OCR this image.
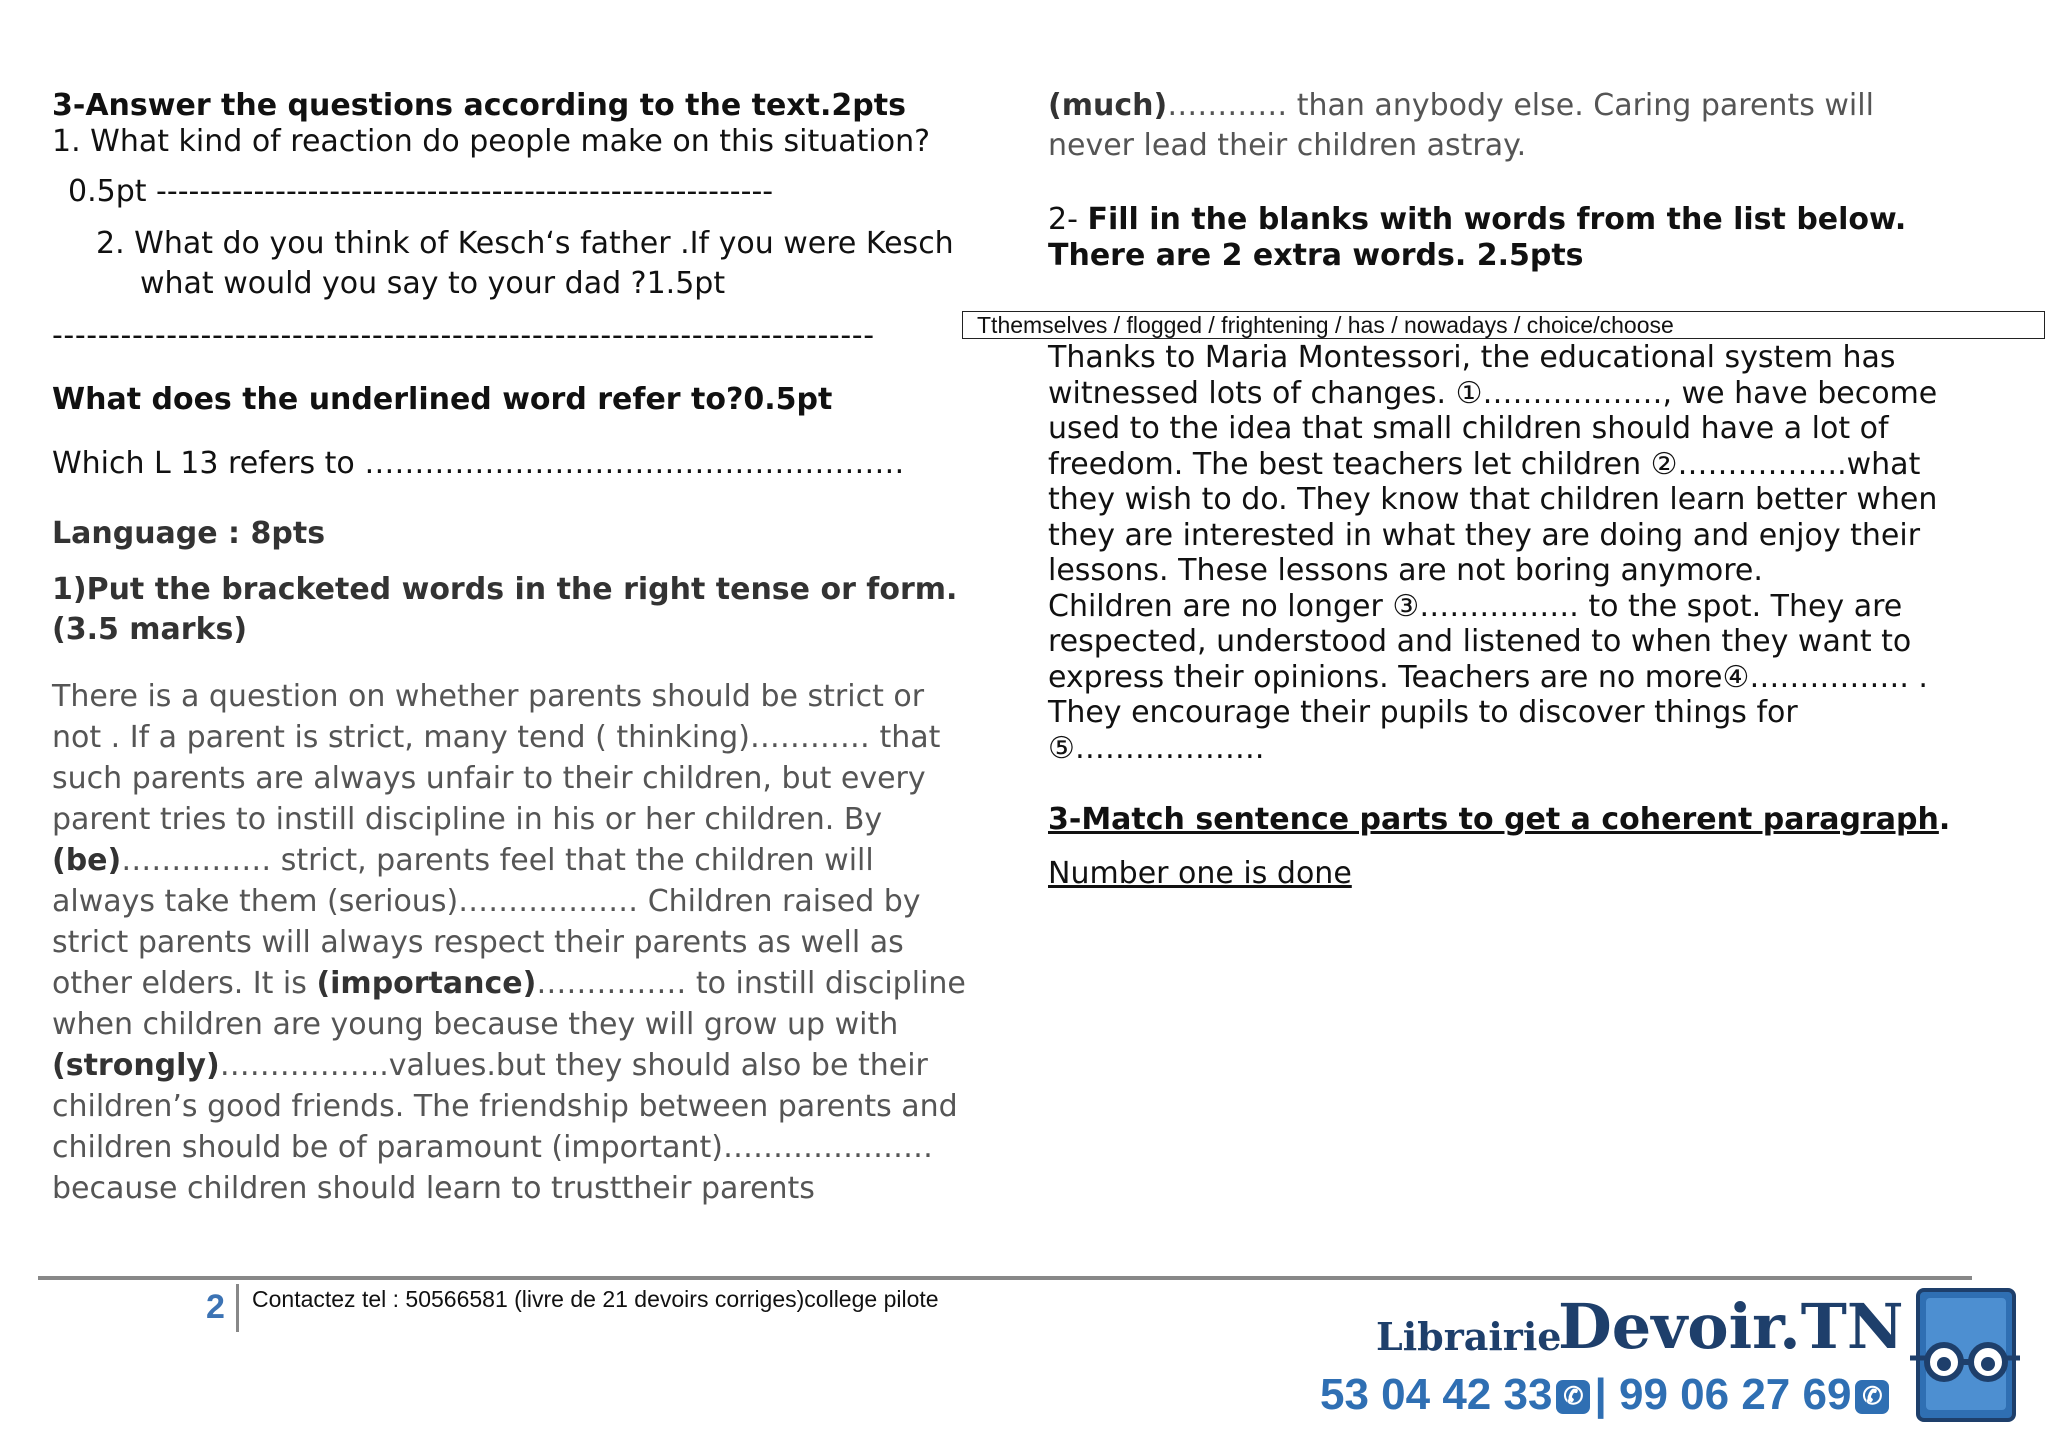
3-Answer the questions according to the text.2pts

1. What kind of reaction do people make on this situation?

0.5pt ---------------------------------------------------------

2. What do you think of Kesch‘s father .If you were Kesch

what would you say to your dad ?1.5pt

------------------------------------------------------------------------

What does the underlined word refer to?0.5pt

Which L 13 refers to ………………………………………………

Language : 8pts

1)Put the bracketed words in the right tense or form.

(3.5 marks)

There is a question on whether parents should be strict or

not . If a parent is strict, many tend ( thinking)………… that

such parents are always unfair to their children, but every

parent tries to instill discipline in his or her children. By

(be)…………… strict, parents feel that the children will

always take them (serious)……………… Children raised by

strict parents will always respect their parents as well as

other elders. It is (importance)…………… to instill discipline

when children are young because they will grow up with

(strongly)……………..values.but they should also be their

children’s good friends. The friendship between parents and

children should be of paramount (important)…………………

because children should learn to trusttheir parents

(much)………… than anybody else. Caring parents will

never lead their children astray.

2- Fill in the blanks with words from the list below.

There are 2 extra words. 2.5pts

Tthemselves / flogged / frightening / has / nowadays / choice/choose

Thanks to Maria Montessori, the educational system has

witnessed lots of changes. ①………………, we have become

used to the idea that small children should have a lot of

freedom. The best teachers let children ②……………..what

they wish to do. They know that children learn better when

they are interested in what they are doing and enjoy their

lessons. These lessons are not boring anymore.

Children are no longer ③……………. to the spot. They are

respected, understood and listened to when they want to

express their opinions. Teachers are no more④……………. .

They encourage their pupils to discover things for

⑤……………….

3-Match sentence parts to get a coherent paragraph.

Number one is done

2 Contactez tel : 50566581 (livre de 21 devoirs corriges)college pilote
Librairie
Devoir.TN
53 04 42 33 ✆ | 99 06 27 69 ✆
